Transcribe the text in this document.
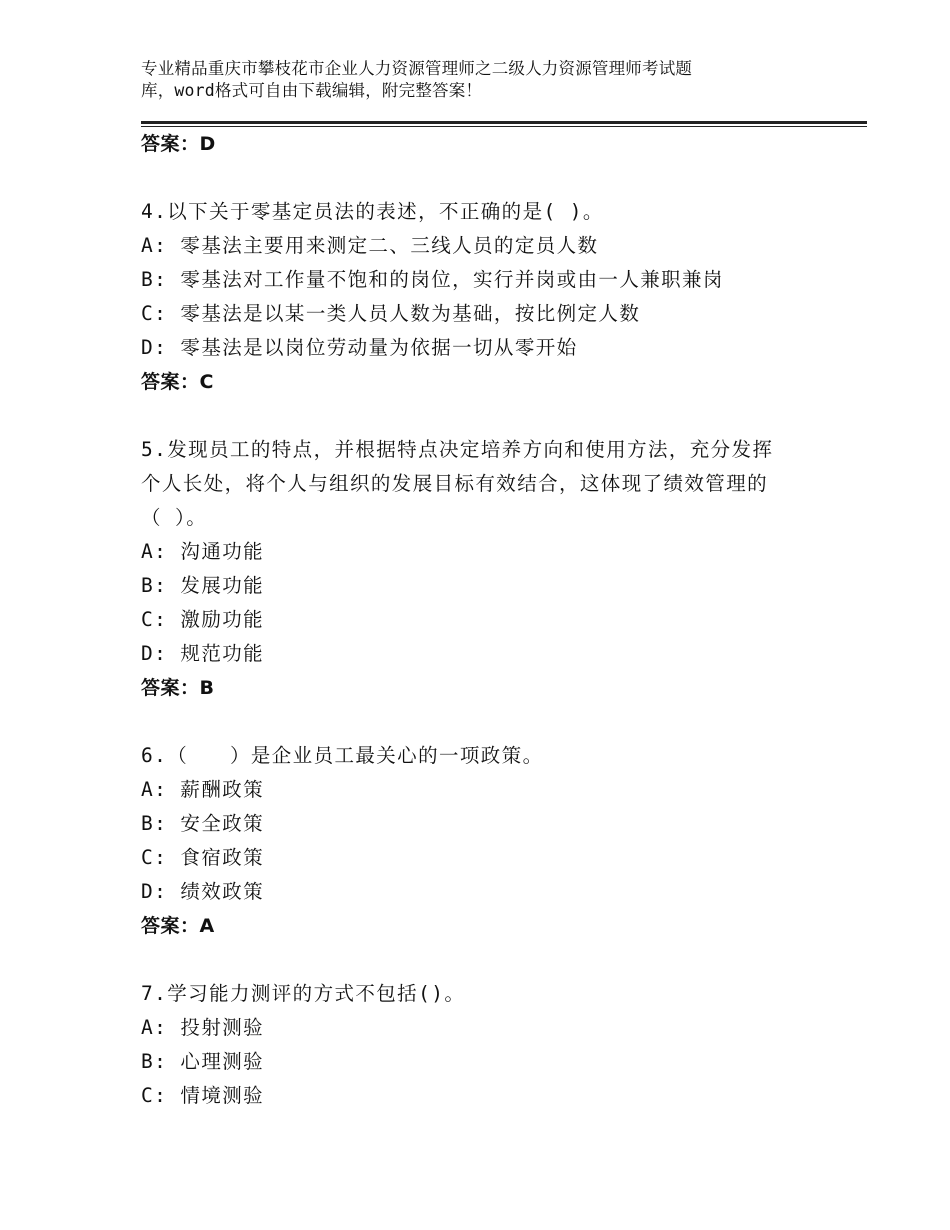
专业精品重庆市攀枝花市企业人力资源管理师之二级人力资源管理师考试题
库，word格式可自由下载编辑，附完整答案！
答案：D
4.以下关于零基定员法的表述，不正确的是( )。
A: 零基法主要用来测定二、三线人员的定员人数
B: 零基法对工作量不饱和的岗位，实行并岗或由一人兼职兼岗
C: 零基法是以某一类人员人数为基础，按比例定人数
D: 零基法是以岗位劳动量为依据一切从零开始
答案：C
5.发现员工的特点，并根据特点决定培养方向和使用方法，充分发挥
个人长处，将个人与组织的发展目标有效结合，这体现了绩效管理的
（ ）。
A: 沟通功能
B: 发展功能
C: 激励功能
D: 规范功能
答案：B
6.（　　）是企业员工最关心的一项政策。
A: 薪酬政策
B: 安全政策
C: 食宿政策
D: 绩效政策
答案：A
7.学习能力测评的方式不包括()。
A: 投射测验
B: 心理测验
C: 情境测验
